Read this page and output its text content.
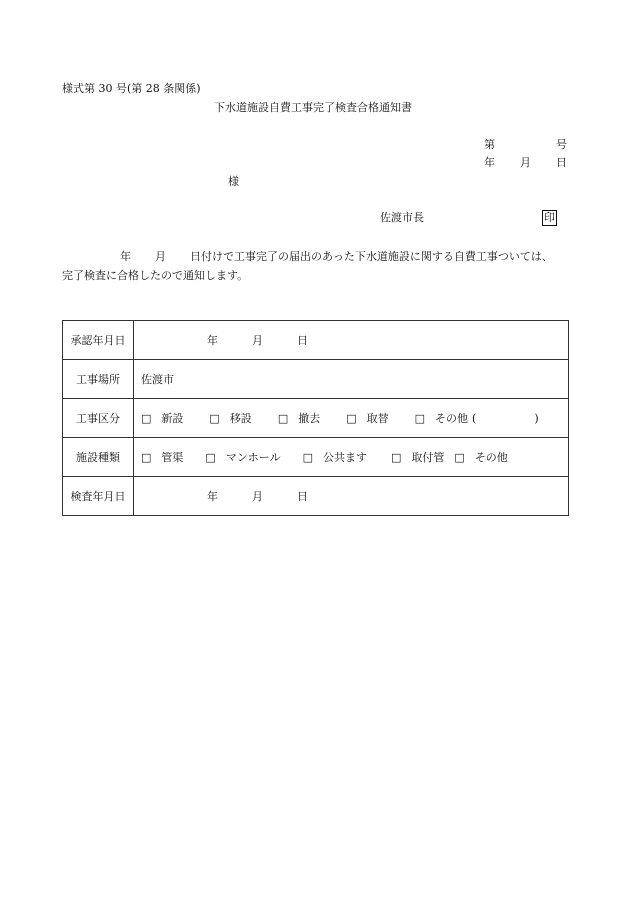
様式第 30 号(第 28 条関係)
下水道施設自費工事完了検査合格通知書
第	号
年 月 日
様
佐渡市長	印
年 月 日付けで工事完了の届出のあった下水道施設に関する自費工事ついては、
完了検査に合格したので通知します。
承認年月日	年 月 日
工事場所	佐渡市
工事区分	□ 新設 □ 移設 □ 撤去 □ 取替 □ その他 ( )
施設種類	□ 管渠 □ マンホール □ 公共ます □ 取付管 □ その他
検査年月日	年 月 日
